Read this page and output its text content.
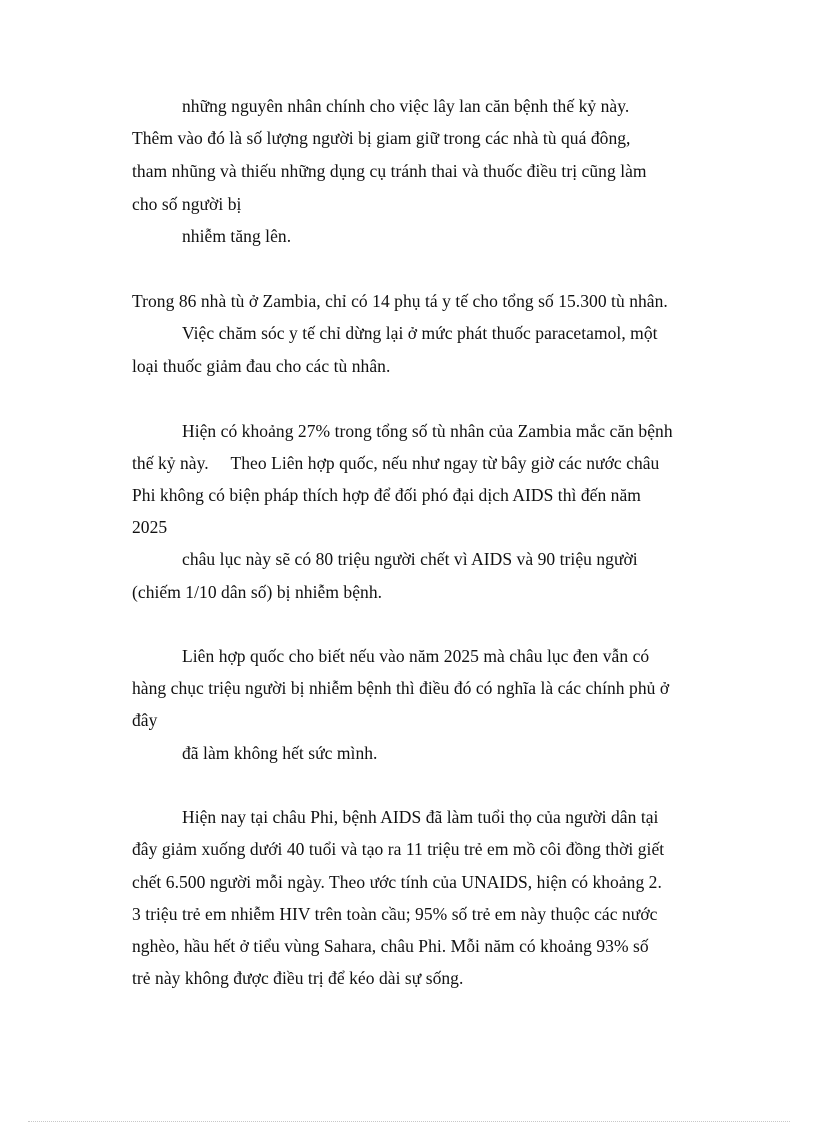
những nguyên nhân chính cho việc lây lan căn bệnh thế kỷ này.
Thêm vào đó là số lượng người bị giam giữ trong các nhà tù quá đông,
tham nhũng và thiếu những dụng cụ tránh thai và thuốc điều trị cũng làm
cho số người bị
nhiễm tăng lên.
Trong 86 nhà tù ở Zambia, chỉ có 14 phụ tá y tế cho tổng số 15.300 tù nhân.
Việc chăm sóc y tế chỉ dừng lại ở mức phát thuốc paracetamol, một
loại thuốc giảm đau cho các tù nhân.
Hiện có khoảng 27% trong tổng số tù nhân của Zambia mắc căn bệnh
thế kỷ này.     Theo Liên hợp quốc, nếu như ngay từ bây giờ các nước châu
Phi không có biện pháp thích hợp để đối phó đại dịch AIDS thì đến năm
2025
châu lục này sẽ có 80 triệu người chết vì AIDS và 90 triệu người
(chiếm 1/10 dân số) bị nhiễm bệnh.
Liên hợp quốc cho biết nếu vào năm 2025 mà châu lục đen vẫn có
hàng chục triệu người bị nhiễm bệnh thì điều đó có nghĩa là các chính phủ ở
đây
đã làm không hết sức mình.
Hiện nay tại châu Phi, bệnh AIDS đã làm tuổi thọ của người dân tại
đây giảm xuống dưới 40 tuổi và tạo ra 11 triệu trẻ em mồ côi đồng thời giết
chết 6.500 người mỗi ngày. Theo ước tính của UNAIDS, hiện có khoảng 2.
3 triệu trẻ em nhiễm HIV trên toàn cầu; 95% số trẻ em này thuộc các nước
nghèo, hầu hết ở tiểu vùng Sahara, châu Phi. Mỗi năm có khoảng 93% số
trẻ này không được điều trị để kéo dài sự sống.
